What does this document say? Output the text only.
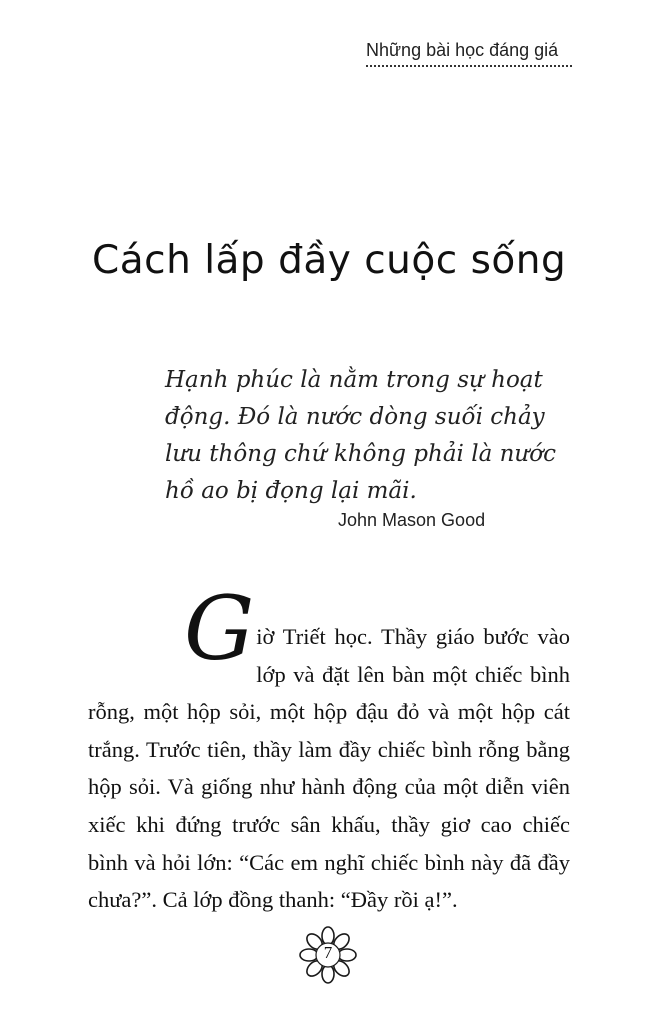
Những bài học đáng giá
Cách lấp đầy cuộc sống

Hạnh phúc là nằm trong sự hoạt động. Đó là nước dòng suối chảy lưu thông chứ không phải là nước hồ ao bị đọng lại mãi.

John Mason Good

Giờ Triết học. Thầy giáo bước vào lớp và đặt lên bàn một chiếc bình rỗng, một hộp sỏi, một hộp đậu đỏ và một hộp cát trắng. Trước tiên, thầy làm đầy chiếc bình rỗng bằng hộp sỏi. Và giống như hành động của một diễn viên xiếc khi đứng trước sân khấu, thầy giơ cao chiếc bình và hỏi lớn: “Các em nghĩ chiếc bình này đã đầy chưa?”. Cả lớp đồng thanh: “Đầy rồi ạ!”.

7
